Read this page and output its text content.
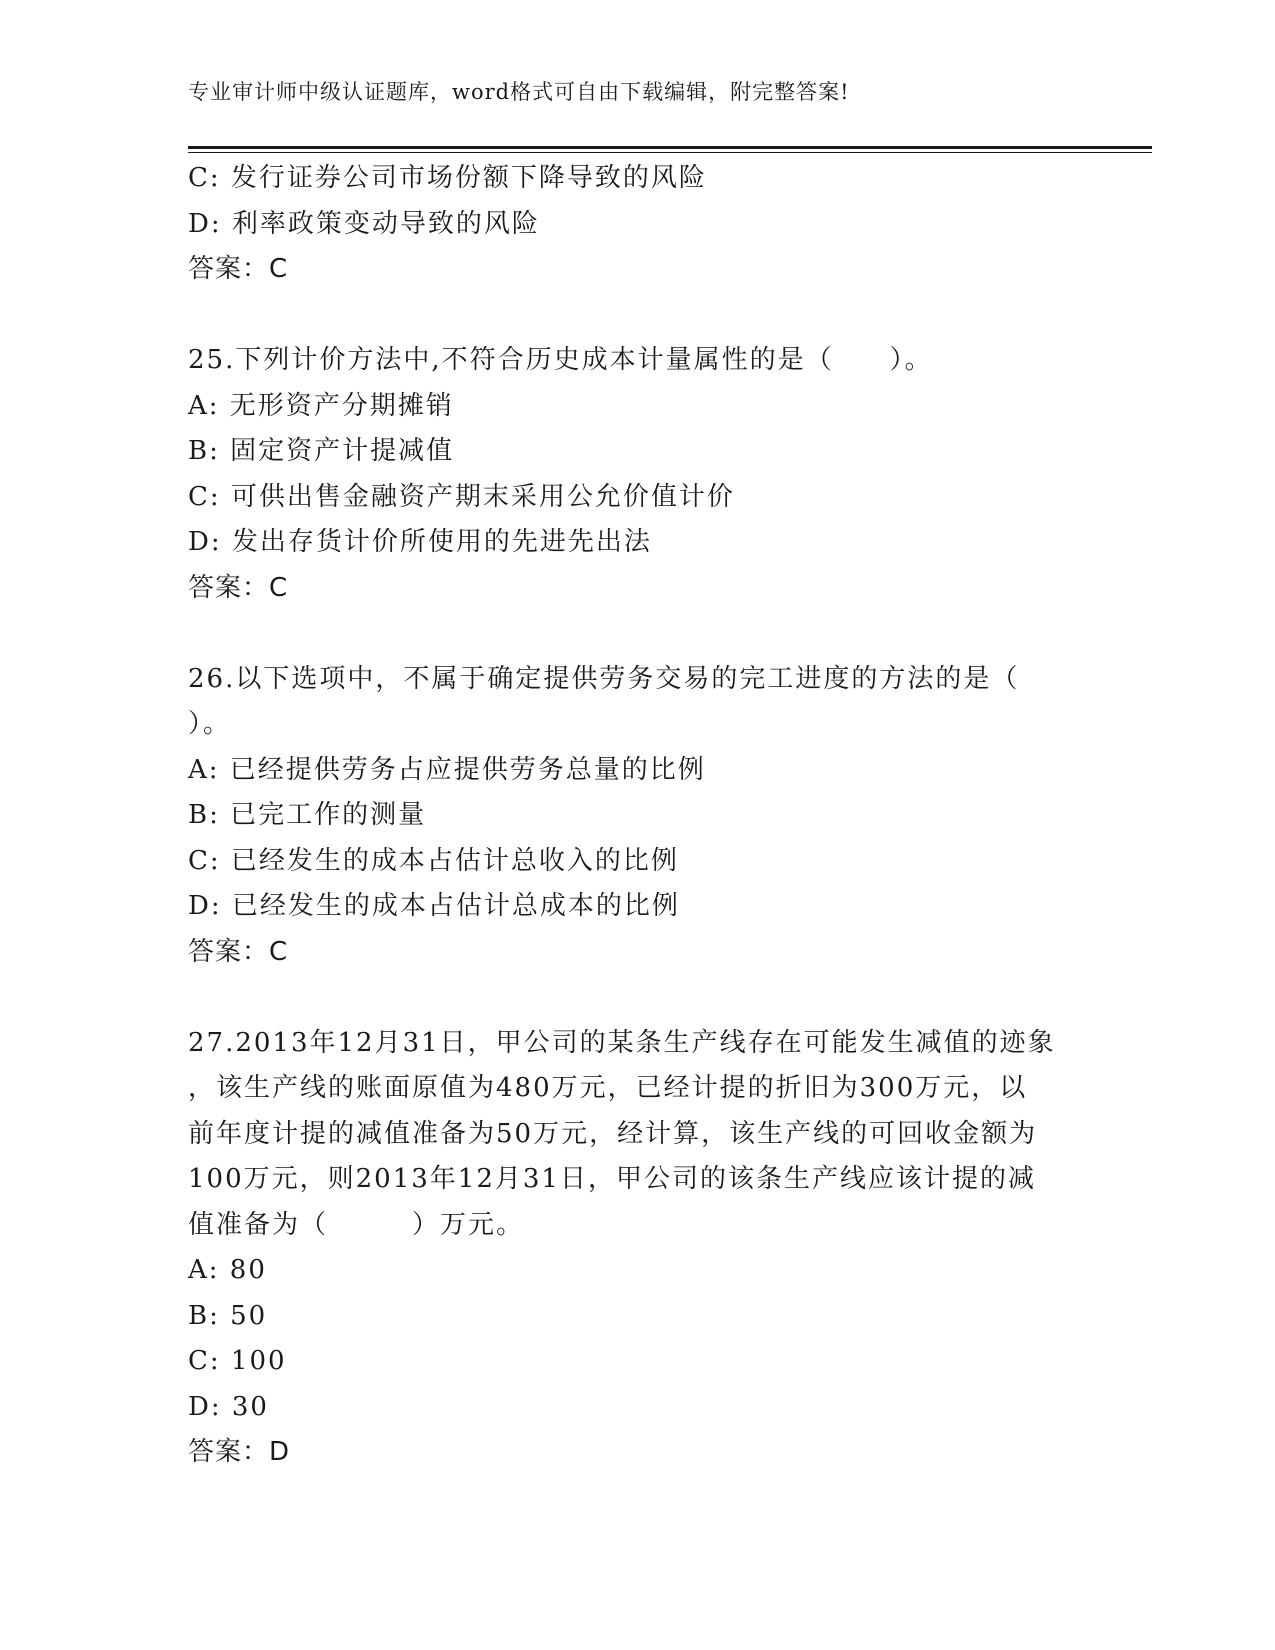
专业审计师中级认证题库，word格式可自由下载编辑，附完整答案!
C: 发行证券公司市场份额下降导致的风险
D: 利率政策变动导致的风险
答案：C
25.下列计价方法中,不符合历史成本计量属性的是（　　）。
A: 无形资产分期摊销
B: 固定资产计提减值
C: 可供出售金融资产期末采用公允价值计价
D: 发出存货计价所使用的先进先出法
答案：C
26.以下选项中，不属于确定提供劳务交易的完工进度的方法的是（
）。
A: 已经提供劳务占应提供劳务总量的比例
B: 已完工作的测量
C: 已经发生的成本占估计总收入的比例
D: 已经发生的成本占估计总成本的比例
答案：C
27.2013年12月31日，甲公司的某条生产线存在可能发生减值的迹象
，该生产线的账面原值为480万元，已经计提的折旧为300万元，以
前年度计提的减值准备为50万元，经计算，该生产线的可回收金额为
100万元，则2013年12月31日，甲公司的该条生产线应该计提的减
值准备为（　　　）万元。
A: 80
B: 50
C: 100
D: 30
答案：D
